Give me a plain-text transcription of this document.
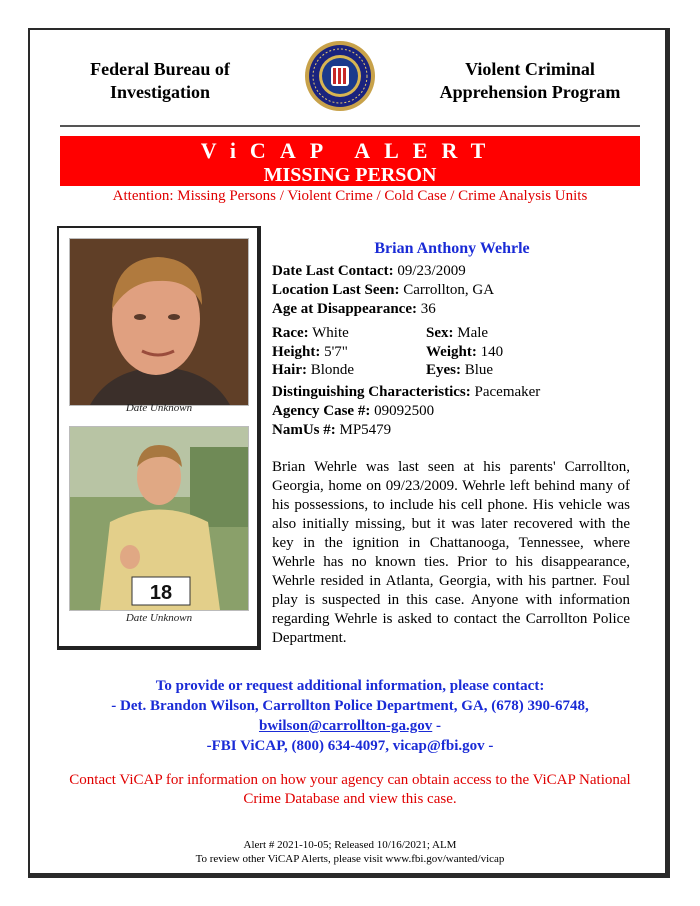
Federal Bureau of
Investigation
Violent Criminal
Apprehension Program
ViCAP ALERT
MISSING PERSON
Attention: Missing Persons / Violent Crime / Cold Case / Crime Analysis Units
Date Unknown
18
Date Unknown
Brian Anthony Wehrle
Date Last Contact: 09/23/2009
Location Last Seen: Carrollton, GA
Age at Disappearance: 36
Race: White	Sex: Male
Height: 5'7"	Weight: 140
Hair: Blonde	Eyes: Blue
Distinguishing Characteristics: Pacemaker
Agency Case #: 09092500
NamUs #: MP5479
Brian Wehrle was last seen at his parents' Carrollton, Georgia, home on 09/23/2009. Wehrle left behind many of his possessions, to include his cell phone. His vehicle was also initially missing, but it was later recovered with the key in the ignition in Chattanooga, Tennessee, where Wehrle has no known ties. Prior to his disappearance, Wehrle resided in Atlanta, Georgia, with his partner. Foul play is suspected in this case. Anyone with information regarding Wehrle is asked to contact the Carrollton Police Department.
To provide or request additional information, please contact:
- Det. Brandon Wilson, Carrollton Police Department, GA, (678) 390-6748,
bwilson@carrollton-ga.gov -
-FBI ViCAP, (800) 634-4097, vicap@fbi.gov -
Contact ViCAP for information on how your agency can obtain access to the ViCAP National Crime Database and view this case.
Alert # 2021-10-05; Released 10/16/2021; ALM
To review other ViCAP Alerts, please visit www.fbi.gov/wanted/vicap
